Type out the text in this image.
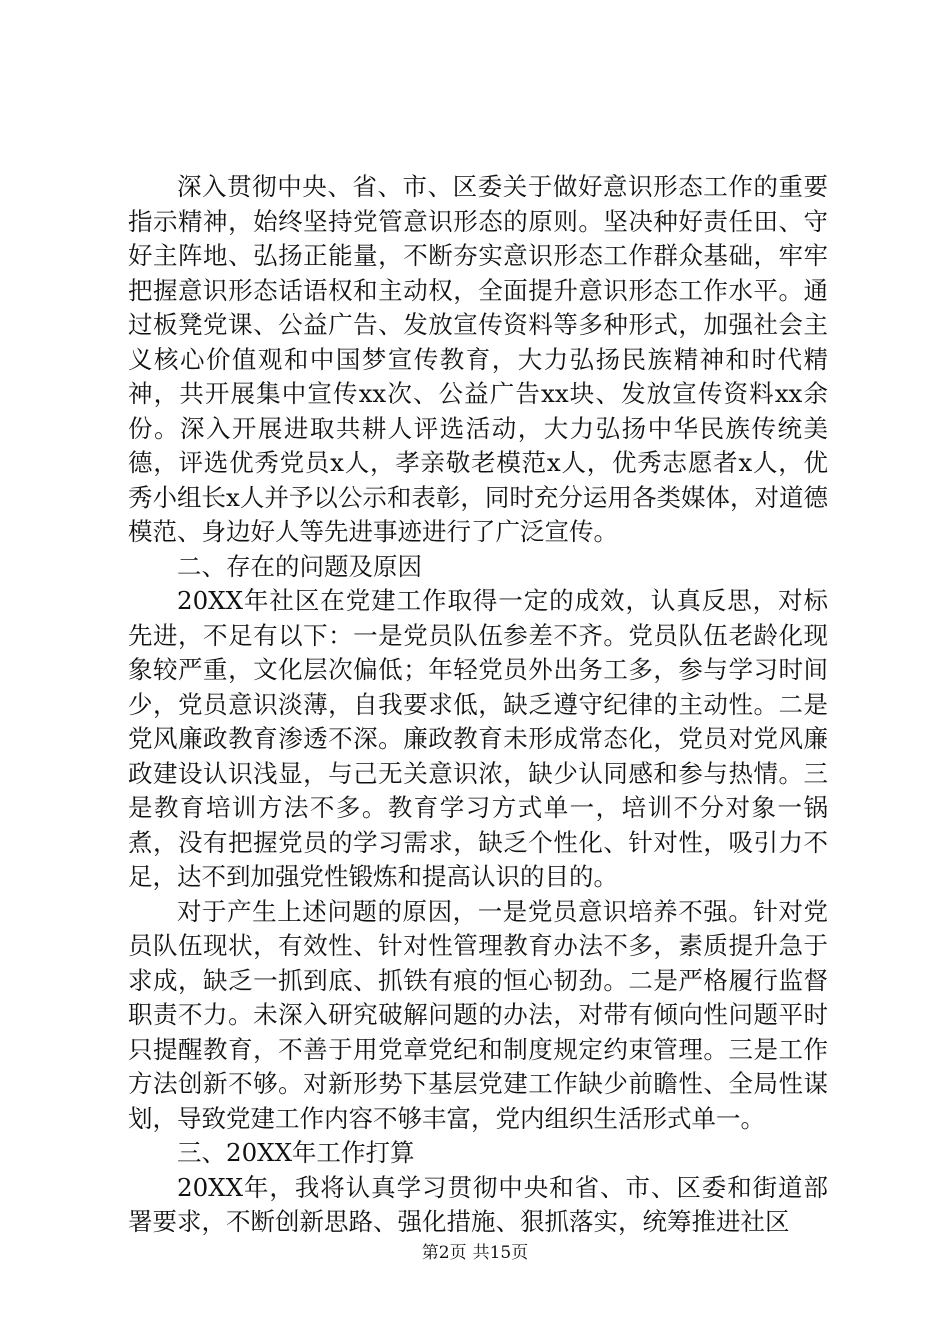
深入贯彻中央、省、市、区委关于做好意识形态工作的重要指示精神，始终坚持党管意识形态的原则。坚决种好责任田、守好主阵地、弘扬正能量，不断夯实意识形态工作群众基础，牢牢把握意识形态话语权和主动权，全面提升意识形态工作水平。通过板凳党课、公益广告、发放宣传资料等多种形式，加强社会主义核心价值观和中国梦宣传教育，大力弘扬民族精神和时代精神，共开展集中宣传xx次、公益广告xx块、发放宣传资料xx余份。深入开展进取共耕人评选活动，大力弘扬中华民族传统美德，评选优秀党员x人，孝亲敬老模范x人，优秀志愿者x人，优秀小组长x人并予以公示和表彰，同时充分运用各类媒体，对道德模范、身边好人等先进事迹进行了广泛宣传。

二、存在的问题及原因

20XX年社区在党建工作取得一定的成效，认真反思，对标先进，不足有以下：一是党员队伍参差不齐。党员队伍老龄化现象较严重，文化层次偏低；年轻党员外出务工多，参与学习时间少，党员意识淡薄，自我要求低，缺乏遵守纪律的主动性。二是党风廉政教育渗透不深。廉政教育未形成常态化，党员对党风廉政建设认识浅显，与己无关意识浓，缺少认同感和参与热情。三是教育培训方法不多。教育学习方式单一，培训不分对象一锅煮，没有把握党员的学习需求，缺乏个性化、针对性，吸引力不足，达不到加强党性锻炼和提高认识的目的。

对于产生上述问题的原因，一是党员意识培养不强。针对党员队伍现状，有效性、针对性管理教育办法不多，素质提升急于求成，缺乏一抓到底、抓铁有痕的恒心韧劲。二是严格履行监督职责不力。未深入研究破解问题的办法，对带有倾向性问题平时只提醒教育，不善于用党章党纪和制度规定约束管理。三是工作方法创新不够。对新形势下基层党建工作缺少前瞻性、全局性谋划，导致党建工作内容不够丰富，党内组织生活形式单一。

三、20XX年工作打算

20XX年，我将认真学习贯彻中央和省、市、区委和街道部署要求，不断创新思路、强化措施、狠抓落实，统筹推进社区

第2页 共15页
